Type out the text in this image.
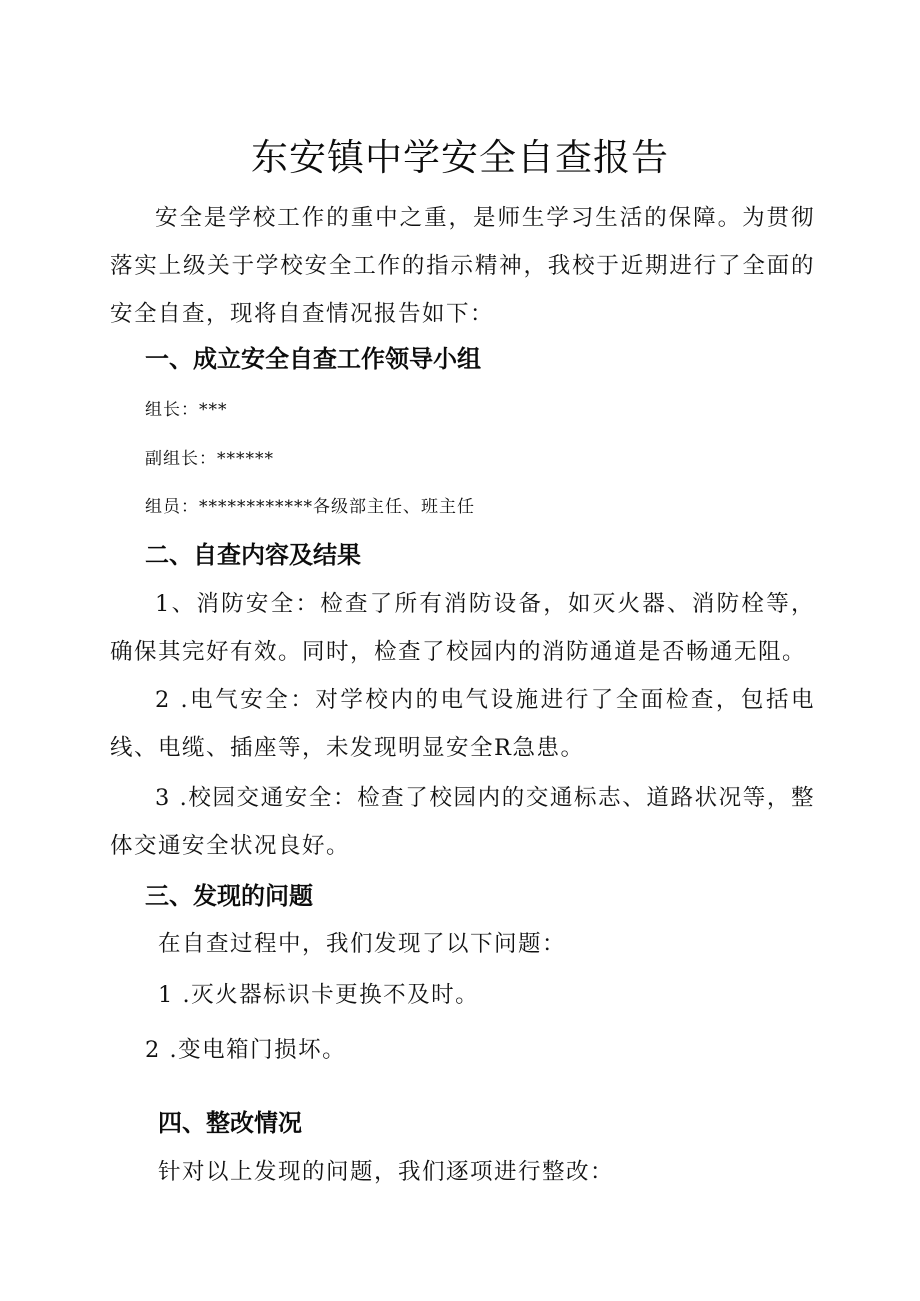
东安镇中学安全自查报告

安全是学校工作的重中之重，是师生学习生活的保障。为贯彻落实上级关于学校安全工作的指示精神，我校于近期进行了全面的安全自查，现将自查情况报告如下：

一、成立安全自查工作领导小组

组长：***

副组长：******

组员：************各级部主任、班主任

二、自查内容及结果

1、消防安全：检查了所有消防设备，如灭火器、消防栓等，确保其完好有效。同时，检查了校园内的消防通道是否畅通无阻。

2 .电气安全：对学校内的电气设施进行了全面检查，包括电线、电缆、插座等，未发现明显安全R急患。

3 .校园交通安全：检查了校园内的交通标志、道路状况等，整体交通安全状况良好。

三、发现的问题

在自查过程中，我们发现了以下问题：

1 .灭火器标识卡更换不及时。

2 .变电箱门损坏。

四、整改情况

针对以上发现的问题，我们逐项进行整改：
